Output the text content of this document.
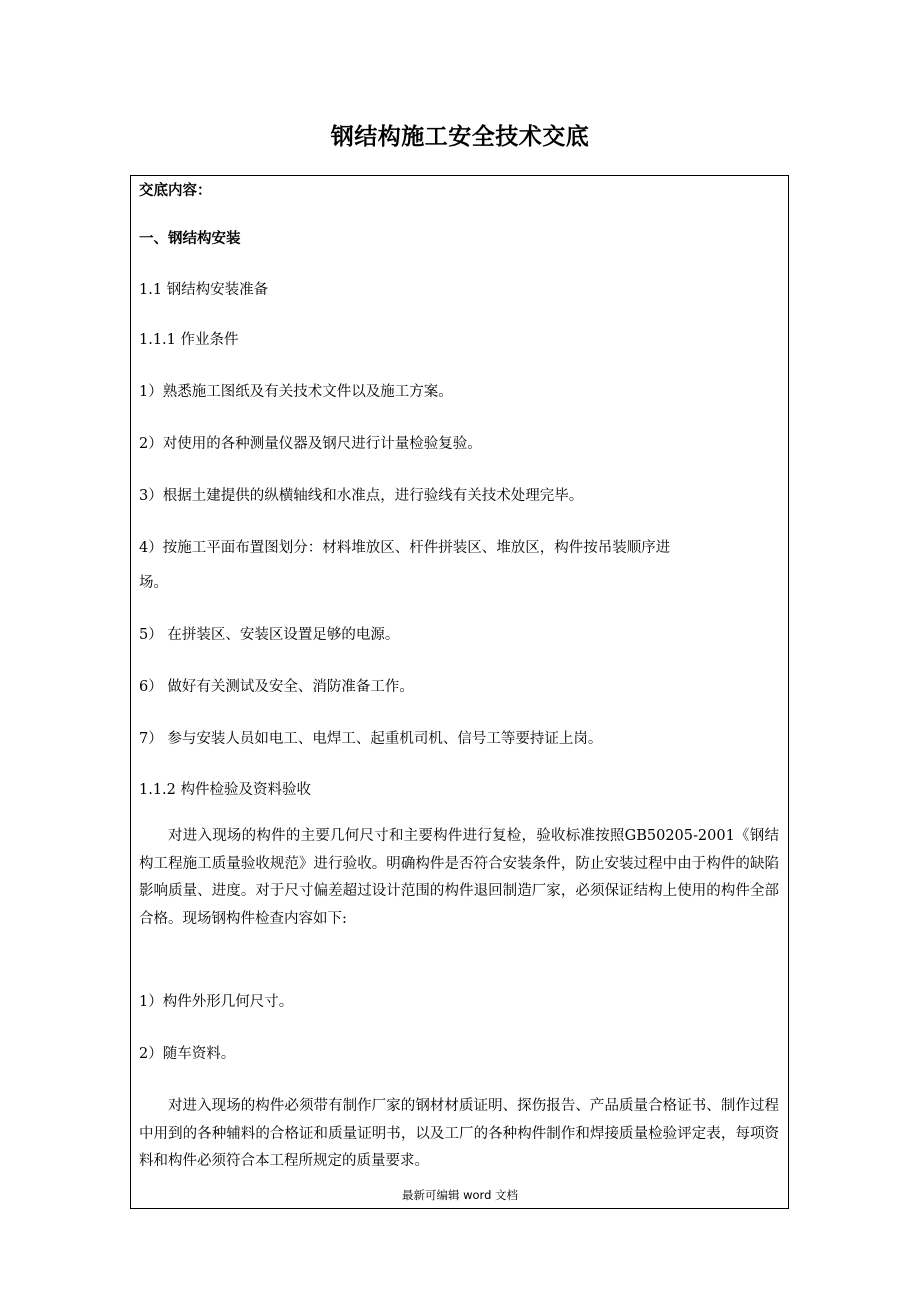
钢结构施工安全技术交底

交底内容：

一、钢结构安装

1.1 钢结构安装准备

1.1.1 作业条件

1）熟悉施工图纸及有关技术文件以及施工方案。

2）对使用的各种测量仪器及钢尺进行计量检验复验。

3）根据土建提供的纵横轴线和水准点，进行验线有关技术处理完毕。

4）按施工平面布置图划分：材料堆放区、杆件拼装区、堆放区，构件按吊装顺序进

场。

5） 在拼装区、安装区设置足够的电源。

6） 做好有关测试及安全、消防准备工作。

7） 参与安装人员如电工、电焊工、起重机司机、信号工等要持证上岗。

1.1.2 构件检验及资料验收

对进入现场的构件的主要几何尺寸和主要构件进行复检，验收标准按照GB50205-2001《钢结构工程施工质量验收规范》进行验收。明确构件是否符合安装条件，防止安装过程中由于构件的缺陷影响质量、进度。对于尺寸偏差超过设计范围的构件退回制造厂家，必须保证结构上使用的构件全部合格。现场钢构件检查内容如下:

1）构件外形几何尺寸。

2）随车资料。

对进入现场的构件必须带有制作厂家的钢材材质证明、探伤报告、产品质量合格证书、制作过程中用到的各种辅料的合格证和质量证明书，以及工厂的各种构件制作和焊接质量检验评定表，每项资料和构件必须符合本工程所规定的质量要求。

最新可编辑 word 文档
